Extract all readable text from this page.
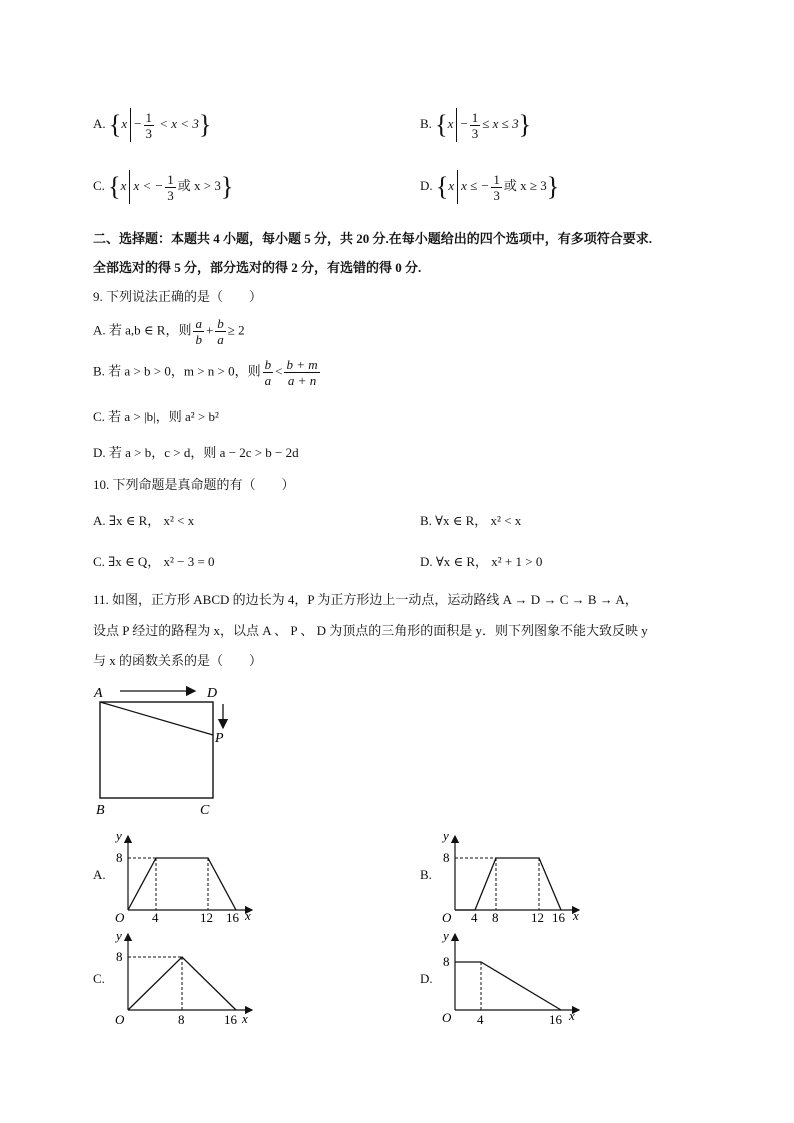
A. $\{x - \frac{1}{3} < x < 3\}$	B. $\{x - \frac{1}{3} \le x \le 3\}$
C. {x x < − $\frac{1}{3}$ 或 x > 3}	D. {x x ≤ − $\frac{1}{3}$ 或 x ≥ 3}
二、选择题：本题共 4 小题，每小题 5 分，共 20 分.在每小题给出的四个选项中，有多项符合要求.
全部选对的得 5 分，部分选对的得 2 分，有选错的得 0 分.
9. 下列说法正确的是（　　）
A. 若 a,b ∈ R，则 $\frac{a}{b} + \frac{b}{a} \ge 2$
B. 若 a > b > 0，m > n > 0，则 $\frac{b}{a} < \frac{b + m}{a + n}$
C. 若 a > |b|，则 a² > b²
D. 若 a > b，c > d，则 a − 2c > b − 2d
10. 下列命题是真命题的有（　　）
A. ∃x ∈ R， x² < x	B. ∀x ∈ R， x² < x
C. ∃x ∈ Q， x² − 3 = 0	D. ∀x ∈ R， x² + 1 > 0
11. 如图，正方形 ABCD 的边长为 4，P 为正方形边上一动点，运动路线 A → D → C → B → A，
设点 P 经过的路程为 x，以点 A 、 P 、 D 为顶点的三角形的面积是 y．则下列图象不能大致反映 y
与 x 的函数关系的是（　　）
A	D
B	C
P
A.
y
8
O 4	12 16 x
B.
y
8
O 4 8	12 16 x
C.
y
8
O	8	16 x
D.
y
8
O 4	16 x
